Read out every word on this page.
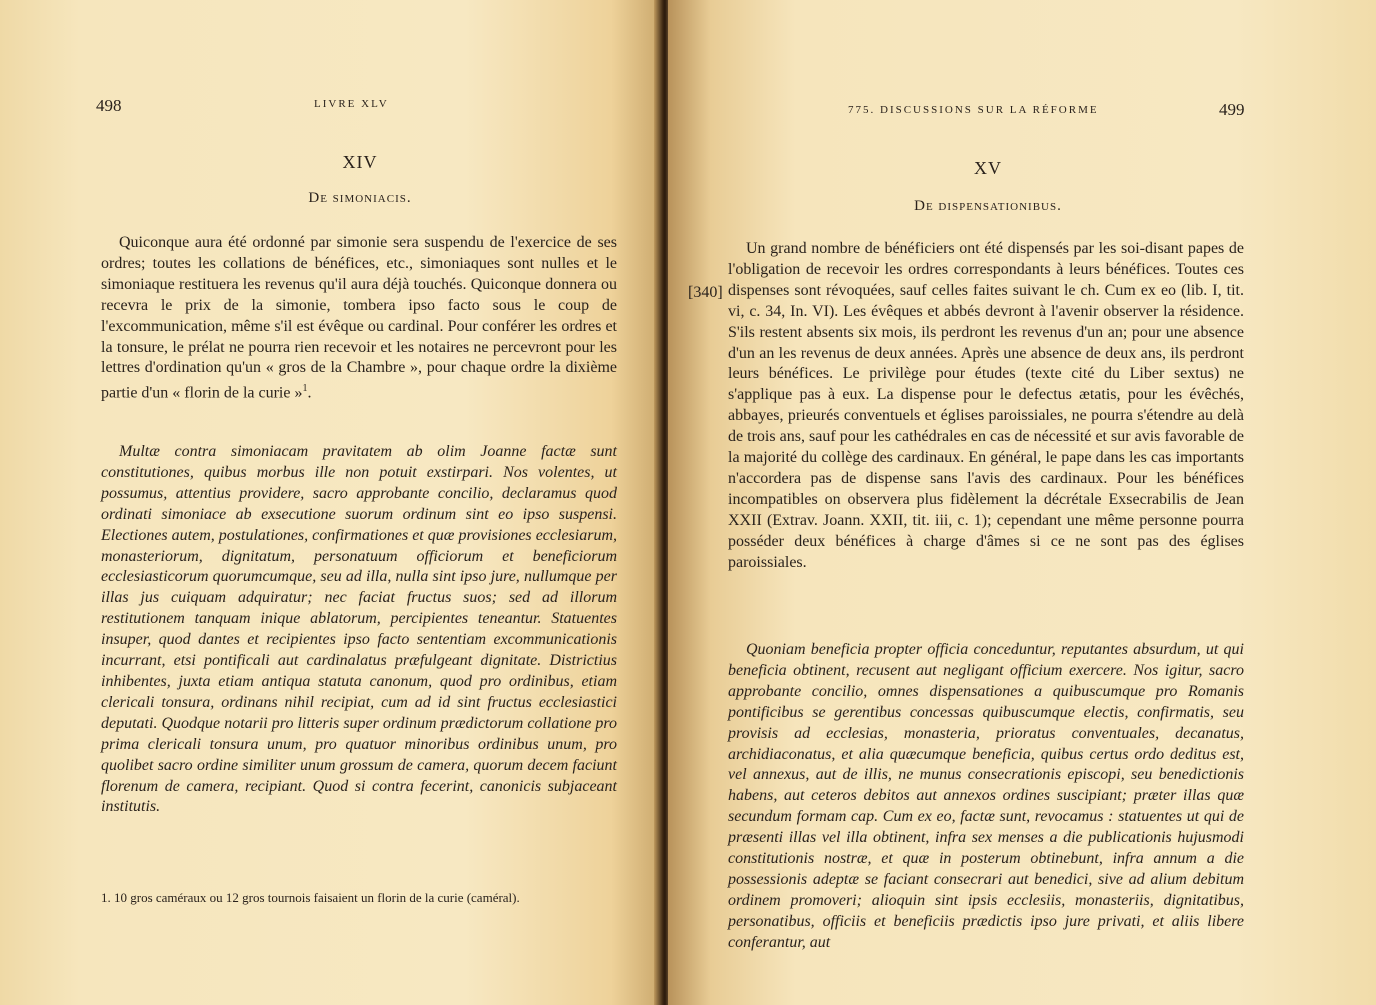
498	LIVRE XLV
XIV
De simoniacis.

Quiconque aura été ordonné par simonie sera suspendu de l'exercice de ses ordres; toutes les collations de bénéfices, etc., simoniaques sont nulles et le simoniaque restituera les revenus qu'il aura déjà touchés. Quiconque donnera ou recevra le prix de la simonie, tombera ipso facto sous le coup de l'excommunication, même s'il est évêque ou cardinal. Pour conférer les ordres et la tonsure, le prélat ne pourra rien recevoir et les notaires ne percevront pour les lettres d'ordination qu'un « gros de la Chambre », pour chaque ordre la dixième partie d'un « florin de la curie »$^1$.

Multæ contra simoniacam pravitatem ab olim Joanne factæ sunt constitutiones, quibus morbus ille non potuit exstirpari. Nos volentes, ut possumus, attentius providere, sacro approbante concilio, declaramus quod ordinati simoniace ab exsecutione suorum ordinum sint eo ipso suspensi. Electiones autem, postulationes, confirmationes et quæ provisiones ecclesiarum, monasteriorum, dignitatum, personatuum officiorum et beneficiorum ecclesiasticorum quorumcumque, seu ad illa, nulla sint ipso jure, nullumque per illas jus cuiquam adquiratur; nec faciat fructus suos; sed ad illorum restitutionem tanquam inique ablatorum, percipientes teneantur. Statuentes insuper, quod dantes et recipientes ipso facto sententiam excommunicationis incurrant, etsi pontificali aut cardinalatus præfulgeant dignitate. Districtius inhibentes, juxta etiam antiqua statuta canonum, quod pro ordinibus, etiam clericali tonsura, ordinans nihil recipiat, cum ad id sint fructus ecclesiastici deputati. Quodque notarii pro litteris super ordinum prædictorum collatione pro prima clericali tonsura unum, pro quatuor minoribus ordinibus unum, pro quolibet sacro ordine similiter unum grossum de camera, quorum decem faciunt florenum de camera, recipiant. Quod si contra fecerint, canonicis subjaceant institutis.

1. 10 gros caméraux ou 12 gros tournois faisaient un florin de la curie (caméral).

775. DISCUSSIONS SUR LA RÉFORME	499
XV
De dispensationibus.

Un grand nombre de bénéficiers ont été dispensés par les soi-disant papes de l'obligation de recevoir les ordres correspondants à leurs bénéfices. Toutes ces dispenses sont révoquées, sauf celles faites suivant le ch. Cum ex eo (lib. I, tit. vi, c. 34, In. VI). Les évêques et abbés devront à l'avenir observer la résidence. S'ils restent absents six mois, ils perdront les revenus d'un an; pour une absence d'un an les revenus de deux années. Après une absence de deux ans, ils perdront leurs bénéfices. Le privilège pour études (texte cité du Liber sextus) ne s'applique pas à eux. La dispense pour le defectus ætatis, pour les évêchés, abbayes, prieurés conventuels et églises paroissiales, ne pourra s'étendre au delà de trois ans, sauf pour les cathédrales en cas de nécessité et sur avis favorable de la majorité du collège des cardinaux. En général, le pape dans les cas importants n'accordera pas de dispense sans l'avis des cardinaux. Pour les bénéfices incompatibles on observera plus fidèlement la décrétale Exsecrabilis de Jean XXII (Extrav. Joann. XXII, tit. iii, c. 1); cependant une même personne pourra posséder deux bénéfices à charge d'âmes si ce ne sont pas des églises paroissiales.

Quoniam beneficia propter officia conceduntur, reputantes absurdum, ut qui beneficia obtinent, recusent aut negligant officium exercere. Nos igitur, sacro approbante concilio, omnes dispensationes a quibuscumque pro Romanis pontificibus se gerentibus concessas quibuscumque electis, confirmatis, seu provisis ad ecclesias, monasteria, prioratus conventuales, decanatus, archidiaconatus, et alia quæcumque beneficia, quibus certus ordo deditus est, vel annexus, aut de illis, ne munus consecrationis episcopi, seu benedictionis habens, aut ceteros debitos aut annexos ordines suscipiant; præter illas quæ secundum formam cap. Cum ex eo, factæ sunt, revocamus : statuentes ut qui de præsenti illas vel illa obtinent, infra sex menses a die publicationis hujusmodi constitutionis nostræ, et quæ in posterum obtinebunt, infra annum a die possessionis adeptæ se faciant consecrari aut benedici, sive ad alium debitum ordinem promoveri; alioquin sint ipsis ecclesiis, monasteriis, dignitatibus, personatibus, officiis et beneficiis prædictis ipso jure privati, et aliis libere conferantur, aut

[340]
